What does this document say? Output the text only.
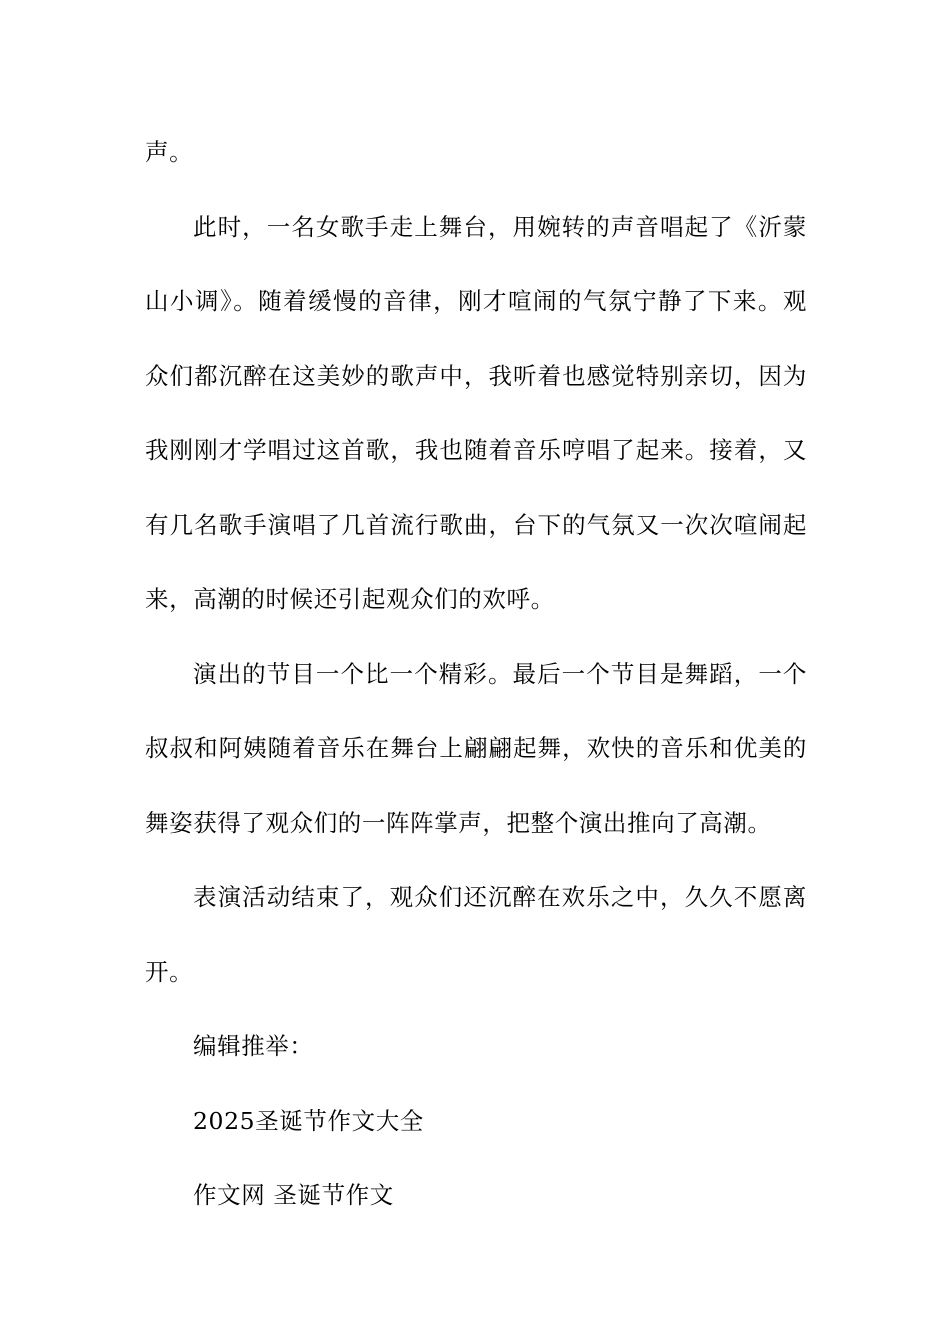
声。
此时，一名女歌手走上舞台，用婉转的声音唱起了《沂蒙
山小调》。随着缓慢的音律，刚才喧闹的气氛宁静了下来。观
众们都沉醉在这美妙的歌声中，我听着也感觉特别亲切，因为
我刚刚才学唱过这首歌，我也随着音乐哼唱了起来。接着，又
有几名歌手演唱了几首流行歌曲，台下的气氛又一次次喧闹起
来，高潮的时候还引起观众们的欢呼。
演出的节目一个比一个精彩。最后一个节目是舞蹈，一个
叔叔和阿姨随着音乐在舞台上翩翩起舞，欢快的音乐和优美的
舞姿获得了观众们的一阵阵掌声，把整个演出推向了高潮。
表演活动结束了，观众们还沉醉在欢乐之中，久久不愿离
开。
编辑推举：
2025圣诞节作文大全
作文网 圣诞节作文
